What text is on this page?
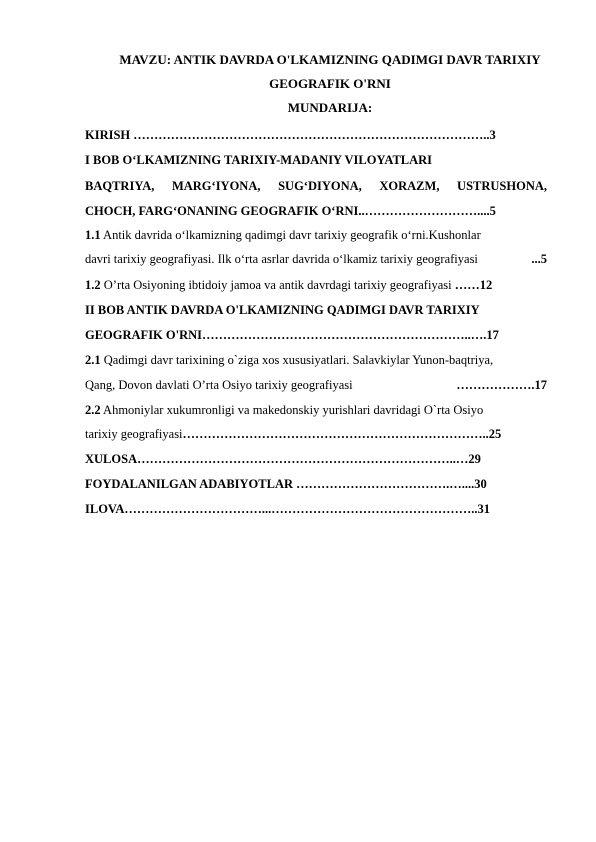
MAVZU: ANTIK DAVRDA O'LKAMIZNING QADIMGI DAVR TARIXIY
GEOGRAFIK O'RNI
MUNDARIJA:
KIRISH …………………………………………………………………………..3
I BOB O‘LKAMIZNING TARIXIY-MADANIY VILOYATLARI
BAQTRIYA, MARG‘IYONA, SUG‘DIYONA, XORAZM, USTRUSHONA,
CHOCH, FARG‘ONANING GEOGRAFIK O‘RNI..………………………....5
1.1 Antik davrida o‘lkamizning qadimgi davr tarixiy geografik o‘rni.Kushonlar
davri tarixiy geografiyasi. Ilk o‘rta asrlar davrida o‘lkamiz tarixiy geografiyasi	...5
1.2 O’rta Osiyoning ibtidoiy jamoa va antik davrdagi tarixiy geografiyasi ……12
II BOB ANTIK DAVRDA O'LKAMIZNING QADIMGI DAVR TARIXIY
GEOGRAFIK O'RNI………………………………………………………..….17
2.1 Qadimgi davr tarixining o`ziga xos xususiyatlari. Salavkiylar Yunon-baqtriya,
Qang, Dovon davlati O’rta Osiyo tarixiy geografiyasi	……………….17
2.2 Ahmoniylar xukumronligi va makedonskiy yurishlari davridagi O`rta Osiyo
tarixiy geografiyasi………………………………………………………………..25
XULOSA…………………………………………………………………..…29
FOYDALANILGAN ADABIYOTLAR ……………………………….…....30
ILOVA……………………………...…………………………………………..31
